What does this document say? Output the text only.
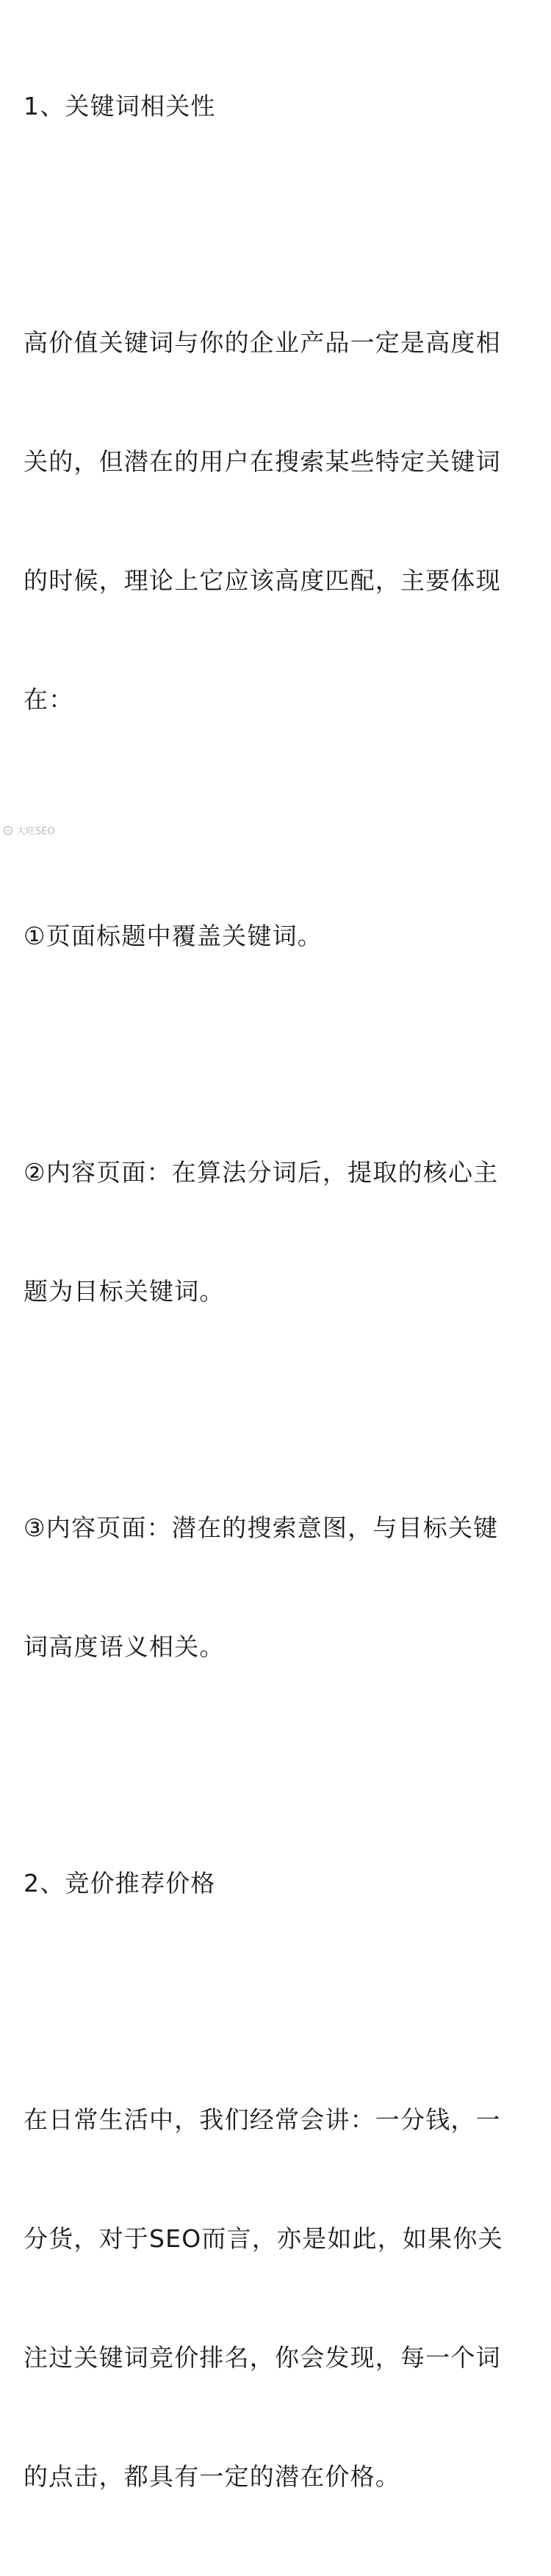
1、关键词相关性

高价值关键词与你的企业产品一定是高度相

关的，但潜在的用户在搜索某些特定关键词

的时候，理论上它应该高度匹配，主要体现

在：

①页面标题中覆盖关键词。

②内容页面：在算法分词后，提取的核心主

题为目标关键词。

③内容页面：潜在的搜索意图，与目标关键

词高度语义相关。

2、竞价推荐价格

在日常生活中，我们经常会讲：一分钱，一

分货，对于SEO而言，亦是如此，如果你关

注过关键词竞价排名，你会发现，每一个词

的点击，都具有一定的潜在价格。

大旺SEO
